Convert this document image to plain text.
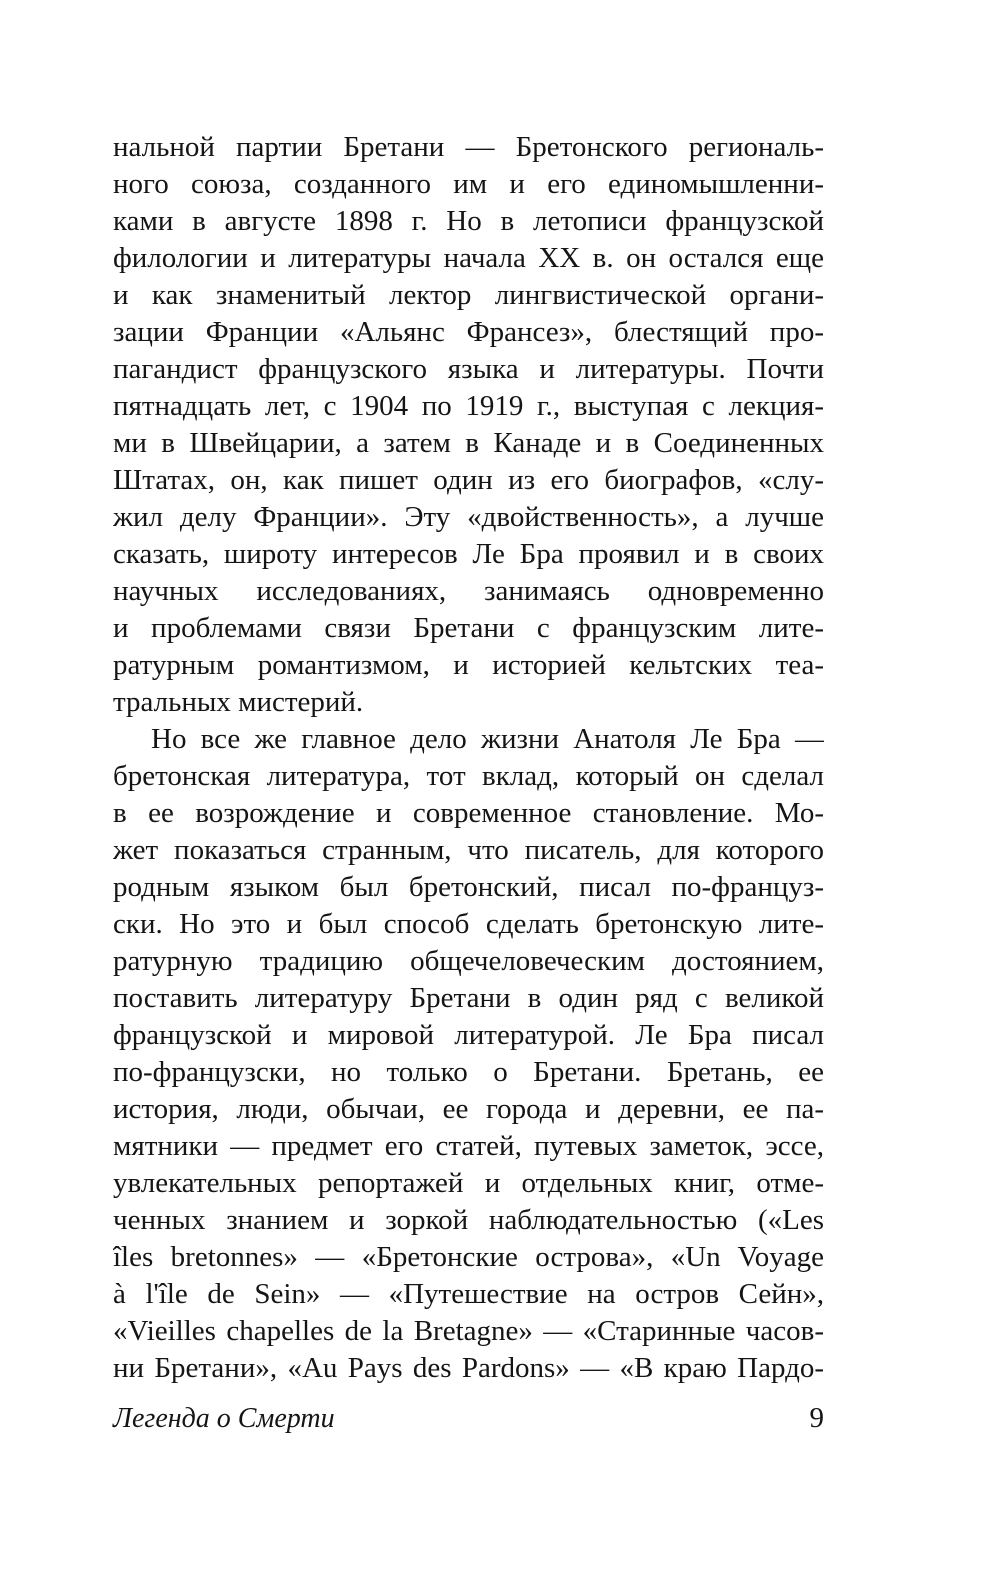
нальной партии Бретани — Бретонского региональ-
ного союза, созданного им и его единомышленни-
ками в августе 1898 г. Но в летописи французской
филологии и литературы начала XX в. он остался еще
и как знаменитый лектор лингвистической органи-
зации Франции «Альянс Франсез», блестящий про-
пагандист французского языка и литературы. Почти
пятнадцать лет, с 1904 по 1919 г., выступая с лекция-
ми в Швейцарии, а затем в Канаде и в Соединенных
Штатах, он, как пишет один из его биографов, «слу-
жил делу Франции». Эту «двойственность», а лучше
сказать, широту интересов Ле Бра проявил и в своих
научных исследованиях, занимаясь одновременно
и проблемами связи Бретани с французским лите-
ратурным романтизмом, и историей кельтских теа-
тральных мистерий.
Но все же главное дело жизни Анатоля Ле Бра —
бретонская литература, тот вклад, который он сделал
в ее возрождение и современное становление. Мо-
жет показаться странным, что писатель, для которого
родным языком был бретонский, писал по-француз-
ски. Но это и был способ сделать бретонскую лите-
ратурную традицию общечеловеческим достоянием,
поставить литературу Бретани в один ряд с великой
французской и мировой литературой. Ле Бра писал
по-французски, но только о Бретани. Бретань, ее
история, люди, обычаи, ее города и деревни, ее па-
мятники — предмет его статей, путевых заметок, эссе,
увлекательных репортажей и отдельных книг, отме-
ченных знанием и зоркой наблюдательностью («Les
îles bretonnes» — «Бретонские острова», «Un Voyage
à l'île de Sein» — «Путешествие на остров Сейн»,
«Vieilles chapelles de la Bretagne» — «Старинные часов-
ни Бретани», «Au Pays des Pardons» — «В краю Пардо-
Легенда о Смерти	9
